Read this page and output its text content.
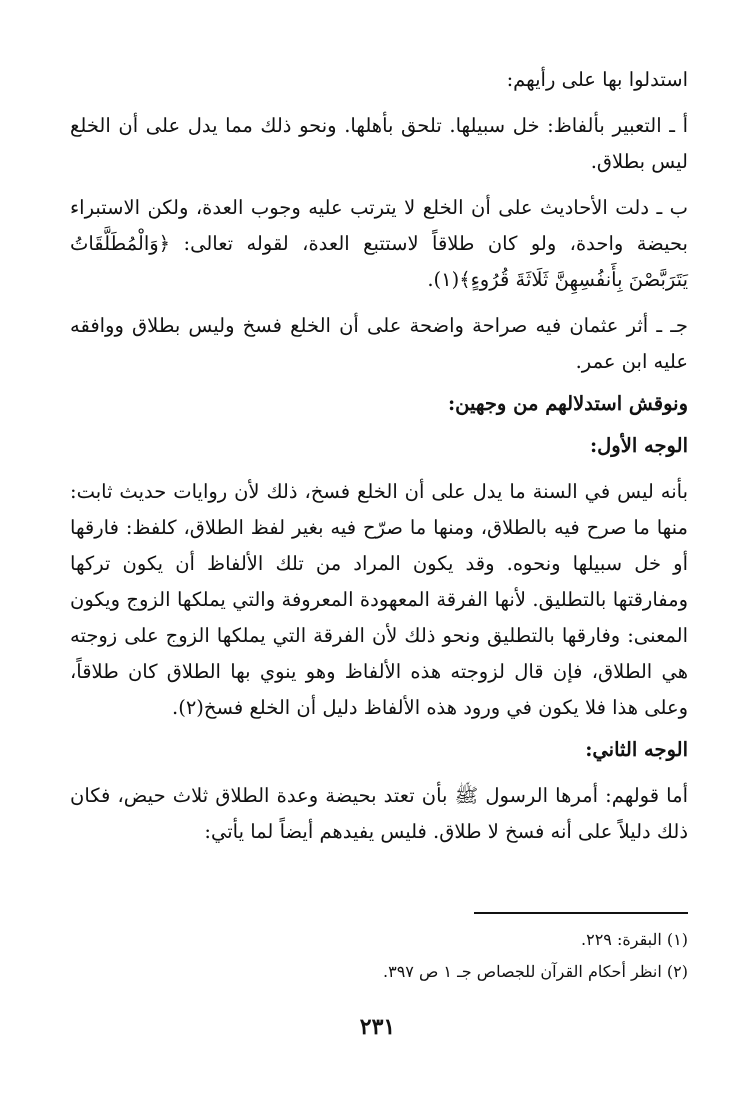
استدلوا بها على رأيهم:

أ ـ التعبير بألفاظ: خل سبيلها. تلحق بأهلها. ونحو ذلك مما يدل على أن الخلع ليس بطلاق.

ب ـ دلت الأحاديث على أن الخلع لا يترتب عليه وجوب العدة، ولكن الاستبراء بحيضة واحدة، ولو كان طلاقاً لاستتبع العدة، لقوله تعالى: ﴿وَالْمُطَلَّقَاتُ يَتَرَبَّصْنَ بِأَنفُسِهِنَّ ثَلَاثَةَ قُرُوءٍ﴾(١).

جـ ـ أثر عثمان فيه صراحة واضحة على أن الخلع فسخ وليس بطلاق ووافقه عليه ابن عمر.

ونوقش استدلالهم من وجهين:

الوجه الأول:

بأنه ليس في السنة ما يدل على أن الخلع فسخ، ذلك لأن روايات حديث ثابت: منها ما صرح فيه بالطلاق، ومنها ما صرّح فيه بغير لفظ الطلاق، كلفظ: فارقها أو خل سبيلها ونحوه. وقد يكون المراد من تلك الألفاظ أن يكون تركها ومفارقتها بالتطليق. لأنها الفرقة المعهودة المعروفة والتي يملكها الزوج ويكون المعنى: وفارقها بالتطليق ونحو ذلك لأن الفرقة التي يملكها الزوج على زوجته هي الطلاق، فإن قال لزوجته هذه الألفاظ وهو ينوي بها الطلاق كان طلاقاً، وعلى هذا فلا يكون في ورود هذه الألفاظ دليل أن الخلع فسخ(٢).

الوجه الثاني:

أما قولهم: أمرها الرسول ﷺ بأن تعتد بحيضة وعدة الطلاق ثلاث حيض، فكان ذلك دليلاً على أنه فسخ لا طلاق. فليس يفيدهم أيضاً لما يأتي:

(١) البقرة: ٢٢٩.

(٢) انظر أحكام القرآن للجصاص جـ ١ ص ٣٩٧.

٢٣١
